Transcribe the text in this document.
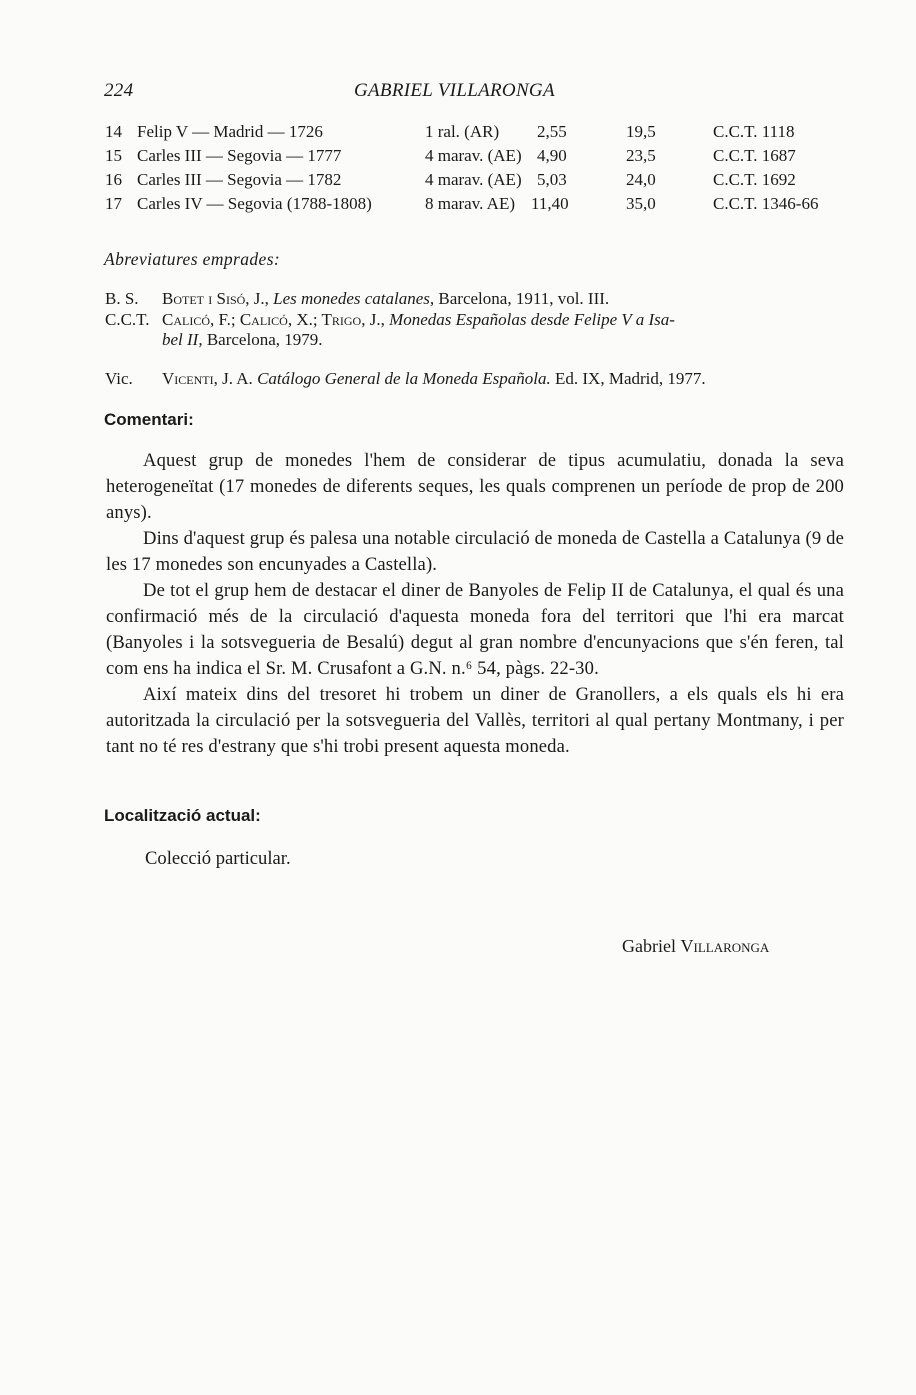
224	GABRIEL VILLARONGA
14 Felip V — Madrid — 1726	1 ral. (AR) 2,55	19,5	C.C.T. 1118
15 Carles III — Segovia — 1777	4 marav. (AE) 4,90	23,5	C.C.T. 1687
16 Carles III — Segovia — 1782	4 marav. (AE) 5,03	24,0	C.C.T. 1692
17 Carles IV — Segovia (1788-1808)	8 marav. AE) 11,40	35,0	C.C.T. 1346-66
Abreviatures emprades:
B. S. Botet i Sisó, J., Les monedes catalanes, Barcelona, 1911, vol. III.
C.C.T. Calicó, F.; Calicó, X.; Trigo, J., Monedas Españolas desde Felipe V a Isa-
bel II, Barcelona, 1979.
Vic. Vicenti, J. A. Catálogo General de la Moneda Española. Ed. IX, Madrid, 1977.
Comentari:

Aquest grup de monedes l'hem de considerar de tipus acumulatiu, donada la seva heterogeneïtat (17 monedes de diferents seques, les quals comprenen un període de prop de 200 anys).

Dins d'aquest grup és palesa una notable circulació de moneda de Castella a Catalunya (9 de les 17 monedes son encunyades a Castella).

De tot el grup hem de destacar el diner de Banyoles de Felip II de Catalunya, el qual és una confirmació més de la circulació d'aquesta moneda fora del territori que l'hi era marcat (Banyoles i la sotsvegueria de Besalú) degut al gran nombre d'encunyacions que s'én feren, tal com ens ha indica el Sr. M. Crusafont a G.N. n.⁶ 54, pàgs. 22-30.

Així mateix dins del tresoret hi trobem un diner de Granollers, a els quals els hi era autoritzada la circulació per la sotsvegueria del Vallès, territori al qual pertany Montmany, i per tant no té res d'estrany que s'hi trobi present aquesta moneda.

Localització actual:
Colecció particular.
Gabriel Villaronga
